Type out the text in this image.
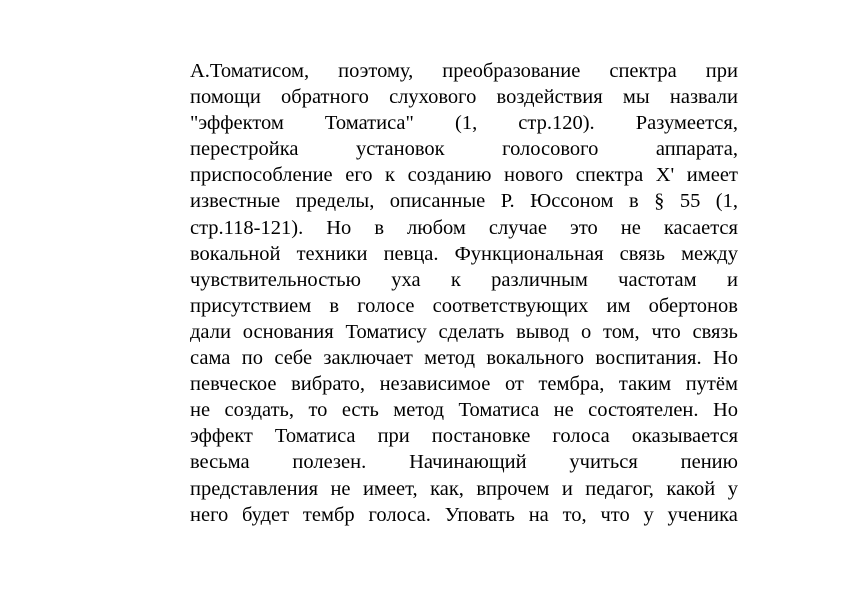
А.Томатисом, поэтому, преобразование спектра при
помощи обратного слухового воздействия мы назвали
"эффектом Томатиса" (1, стр.120). Разумеется,
перестройка	установок	голосового	аппарата,
приспособление его к созданию нового спектра Х' имеет
известные пределы, описанные Р. Юссоном в § 55 (1,
стр.118-121). Но в любом случае это не касается
вокальной техники певца. Функциональная связь между
чувствительностью уха к различным частотам и
присутствием в голосе соответствующих им обертонов
дали основания Томатису сделать вывод о том, что связь
сама по себе заключает метод вокального воспитания. Но
певческое вибрато, независимое от тембра, таким путём
не создать, то есть метод Томатиса не состоятелен. Но
эффект Томатиса при постановке голоса оказывается
весьма полезен. Начинающий учиться пению
представления не имеет, как, впрочем и педагог, какой у
него будет тембр голоса. Уповать на то, что у ученика
